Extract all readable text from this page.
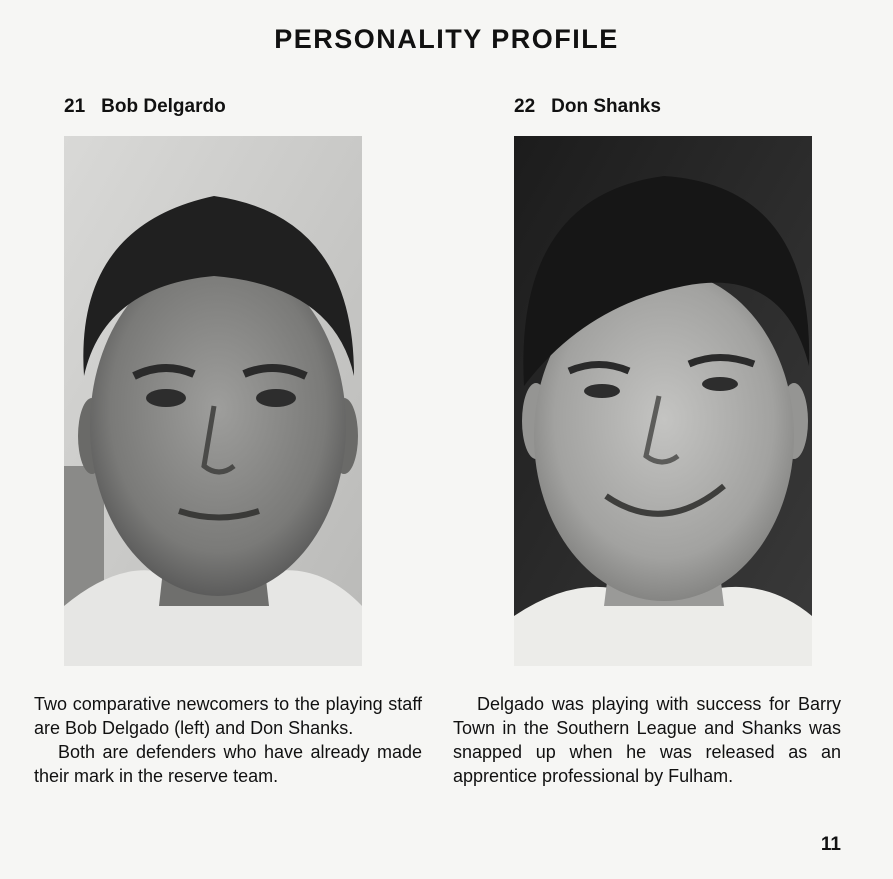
PERSONALITY PROFILE
21 Bob Delgardo	22 Don Shanks

Two comparative newcomers to the playing staff are Bob Delgado (left) and Don Shanks.

Both are defenders who have already made their mark in the reserve team.

Delgado was playing with success for Barry Town in the Southern League and Shanks was snapped up when he was released as an apprentice professional by Fulham.

11
